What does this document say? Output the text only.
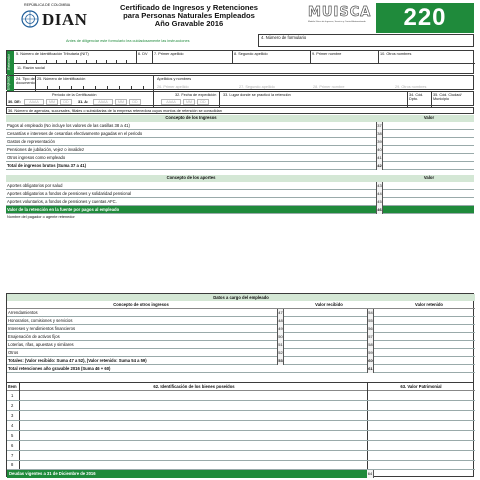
REPÚBLICA DE COLOMBIA
DIAN
Certificado de Ingresos y Retenciones
para Personas Naturales Empleados
Año Gravable 2016
MUISCA
Modelo Único de Ingresos, Servicio y Control Automatizado	220
Antes de diligenciar este formulario lea cuidadosamente las instrucciones
4. Número de formulario
Retenedor
5. Número de Identificación Tributaria (NIT)	6. DV 7. Primer apellido	8. Segundo apellido	9. Primer nombre	10. Otros nombres
11. Razón social
Empleado 24. Tipo de documento
25. Número de Identificación	Apellidos y nombres
26. Primer apellido	27. Segundo apellido	28. Primer nombre	29. Otros nombres
Período de la Certificación
30. DE:	AAAA	MM	DD	31. A:	AAAA	MM	DD
32. Fecha de expedición
AAAA	MM	DD
33. Lugar donde se practicó la retención	34. Cód. Dpto.
35. Cód. Ciudad/ Municipio
36. Número de agencias, sucursales, filiales o subsidiarias de la empresa retenedora cuyos montos de retención se consolidan
Concepto de los Ingresos	Valor
Pagos al empleado (No incluye los valores de las casillas 38 a 41)	37
Cesantías e intereses de cesantías efectivamente pagadas en el periodo	38
Gastos de representación	39
Pensiones de jubilación, vejez o invalidez	40
Otros ingresos como empleado	41
Total de ingresos brutos (Suma 37 a 41)	42
Concepto de los aportes	Valor
Aportes obligatorios por salud	43
Aportes obligatorios a fondos de pensiones y solidaridad pensional	44
Aportes voluntarios, a fondos de pensiones y cuentas AFC.	45
Valor de la retención en la fuente por pagos al empleado	46
Nombre del pagador o agente retenedor
Datos a cargo del empleado
Concepto de otros ingresos	Valor recibido	Valor retenido
Arrendamientos	47	54
Honorarios, comisiones y servicios	48	55
Intereses y rendimientos financieros	49	56
Enajenación de activos fijos	50	57
Loterías, rifas, apuestas y similares	51	58
Otros	52	59
Totales: (Valor recibido: Suma 47 a 52), (Valor retenido: Suma 54 a 59)	53	60
Total retenciones año gravable 2016 (Suma 46 + 60)	61
Item	62. Identificación de los bienes poseídos	63. Valor Patrimonial
1
2
3
4
5
6
7
8
Deudas vigentes a 31 de Diciembre de 2016	64
